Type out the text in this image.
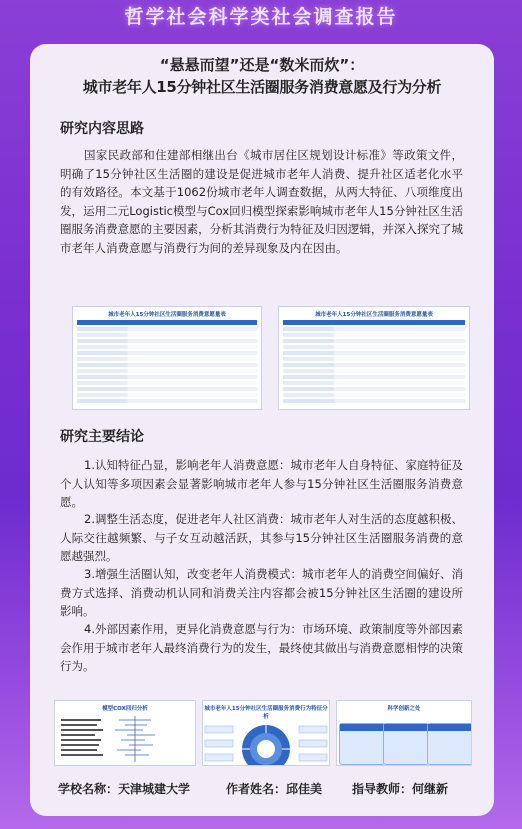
哲学社会科学类社会调查报告
“悬悬而望”还是“数米而炊”：
城市老年人15分钟社区生活圈服务消费意愿及行为分析
研究内容思路

国家民政部和住建部相继出台《城市居住区规划设计标准》等政策文件，明确了15分钟社区生活圈的建设是促进城市老年人消费、提升社区适老化水平的有效路径。本文基于1062份城市老年人调查数据，从两大特征、八项维度出发，运用二元Logistic模型与Cox回归模型探索影响城市老年人15分钟社区生活圈服务消费意愿的主要因素，分析其消费行为特征及归因逻辑，并深入探究了城市老年人消费意愿与消费行为间的差异现象及内在因由。

城市老年人15分钟社区生活圈服务消费意愿量表	城市老年人15分钟社区生活圈服务消费意愿量表
研究主要结论

1.认知特征凸显，影响老年人消费意愿：城市老年人自身特征、家庭特征及个人认知等多项因素会显著影响城市老年人参与15分钟社区生活圈服务消费意愿。

2.调整生活态度，促进老年人社区消费：城市老年人对生活的态度越积极、人际交往越频繁、与子女互动越活跃，其参与15分钟社区生活圈服务消费的意愿越强烈。

3.增强生活圈认知，改变老年人消费模式：城市老年人的消费空间偏好、消费方式选择、消费动机认同和消费关注内容都会被15分钟社区生活圈的建设所影响。

4.外部因素作用，更异化消费意愿与行为：市场环境、政策制度等外部因素会作用于城市老年人最终消费行为的发生，最终使其做出与消费意愿相悖的决策行为。

模型COX回归分析	城市老年人15分钟社区生活圈服务消费行为特征分析
科学创新之处
学校名称：天津城建大学	作者姓名：邱佳美 指导教师：何继新
